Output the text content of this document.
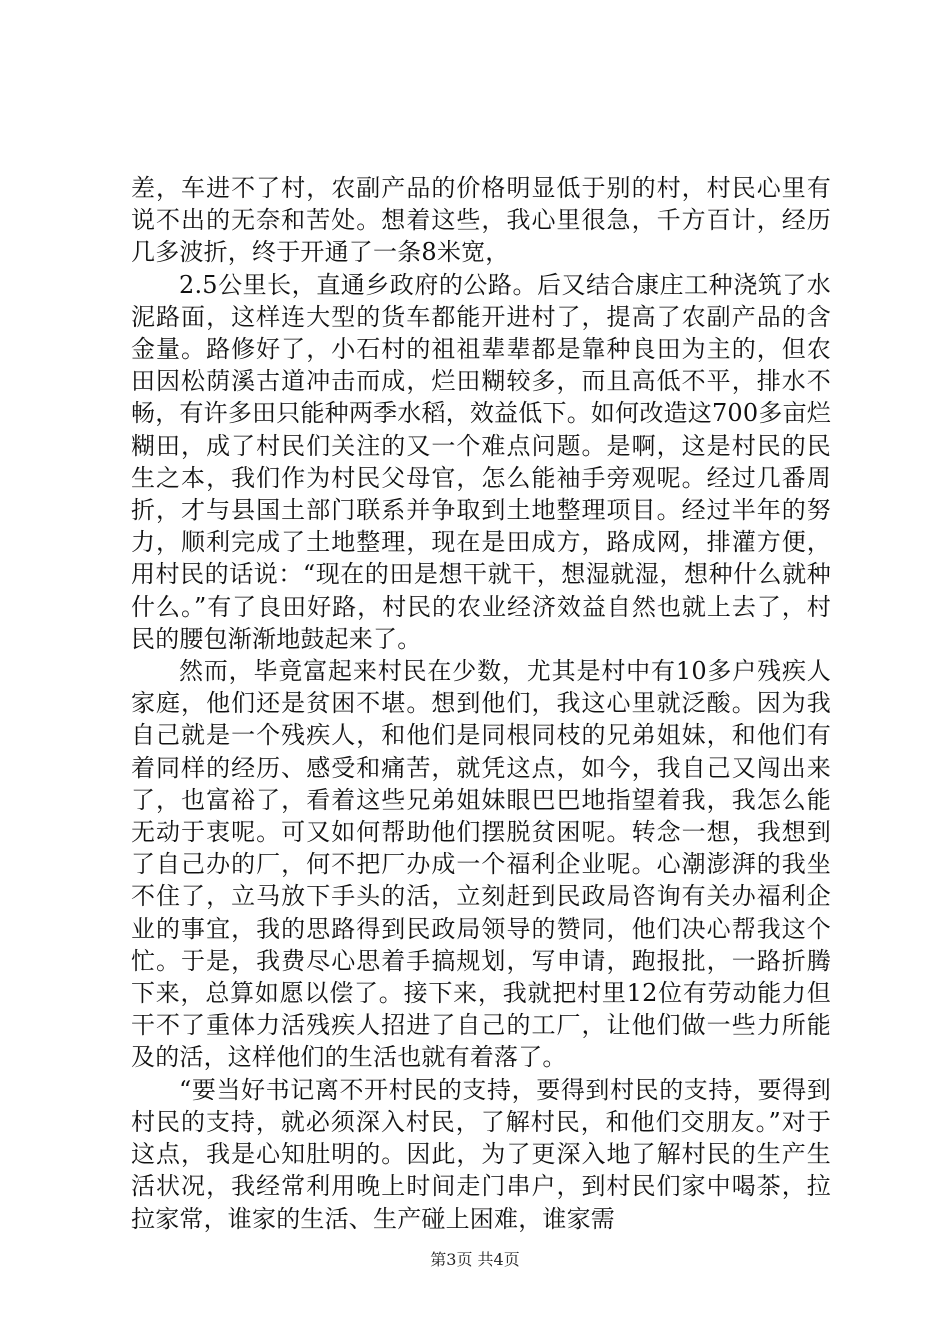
差，车进不了村，农副产品的价格明显低于别的村，村民心里有说不出的无奈和苦处。想着这些，我心里很急，千方百计，经历几多波折，终于开通了一条8米宽，

2.5公里长，直通乡政府的公路。后又结合康庄工种浇筑了水泥路面，这样连大型的货车都能开进村了，提高了农副产品的含金量。路修好了，小石村的祖祖辈辈都是靠种良田为主的，但农田因松荫溪古道冲击而成，烂田糊较多，而且高低不平，排水不畅，有许多田只能种两季水稻，效益低下。如何改造这700多亩烂糊田，成了村民们关注的又一个难点问题。是啊，这是村民的民生之本，我们作为村民父母官，怎么能袖手旁观呢。经过几番周折，才与县国土部门联系并争取到土地整理项目。经过半年的努力，顺利完成了土地整理，现在是田成方，路成网，排灌方便，用村民的话说：“现在的田是想干就干，想湿就湿，想种什么就种什么。”有了良田好路，村民的农业经济效益自然也就上去了，村民的腰包渐渐地鼓起来了。

然而，毕竟富起来村民在少数，尤其是村中有10多户残疾人家庭，他们还是贫困不堪。想到他们，我这心里就泛酸。因为我自己就是一个残疾人，和他们是同根同枝的兄弟姐妹，和他们有着同样的经历、感受和痛苦，就凭这点，如今，我自己又闯出来了，也富裕了，看着这些兄弟姐妹眼巴巴地指望着我，我怎么能无动于衷呢。可又如何帮助他们摆脱贫困呢。转念一想，我想到了自己办的厂，何不把厂办成一个福利企业呢。心潮澎湃的我坐不住了，立马放下手头的活，立刻赶到民政局咨询有关办福利企业的事宜，我的思路得到民政局领导的赞同，他们决心帮我这个忙。于是，我费尽心思着手搞规划，写申请，跑报批，一路折腾下来，总算如愿以偿了。接下来，我就把村里12位有劳动能力但干不了重体力活残疾人招进了自己的工厂，让他们做一些力所能及的活，这样他们的生活也就有着落了。

“要当好书记离不开村民的支持，要得到村民的支持，要得到村民的支持，就必须深入村民，了解村民，和他们交朋友。”对于这点，我是心知肚明的。因此，为了更深入地了解村民的生产生活状况，我经常利用晚上时间走门串户，到村民们家中喝茶，拉拉家常，谁家的生活、生产碰上困难，谁家需

第3页 共4页
